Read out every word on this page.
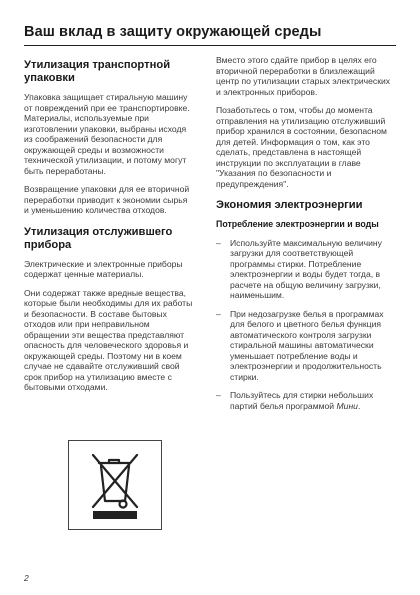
Ваш вклад в защиту окружающей среды
Утилизация транспортной упаковки

Упаковка защищает стиральную машину от повреждений при ее транспортировке. Материалы, используемые при изготовлении упаковки, выбраны исходя из соображений безопасности для окружающей среды и возможности технической утилизации, и потому могут быть переработаны.

Возвращение упаковки для ее вторичной переработки приводит к экономии сырья и уменьшению количества отходов.

Утилизация отслужившего прибора

Электрические и электронные приборы содержат ценные материалы.

Они содержат также вредные вещества, которые были необходимы для их работы и безопасности. В составе бытовых отходов или при неправильном обращении эти вещества представляют опасность для человеческого здоровья и окружающей среды. Поэтому ни в коем случае не сдавайте отслуживший свой срок прибор на утилизацию вместе с бытовыми отходами.

Вместо этого сдайте прибор в целях его вторичной переработки в близлежащий центр по утилизации старых электрических и электронных приборов.

Позаботьтесь о том, чтобы до момента отправления на утилизацию отслуживший прибор хранился в состоянии, безопасном для детей. Информация о том, как это сделать, представлена в настоящей инструкции по эксплуатации в главе "Указания по безопасности и предупреждения".

Экономия электроэнергии
Потребление электроэнергии и воды
– Используйте максимальную величину загрузки для соответствующей программы стирки. Потребление электроэнергии и воды будет тогда, в расчете на общую величину загрузки, наименьшим.
– При недозагрузке белья в программах для белого и цветного белья функция автоматического контроля загрузки стиральной машины автоматически уменьшает потребление воды и электроэнергии и продолжительность стирки.
– Пользуйтесь для стирки небольших партий белья программой Мини.
2
